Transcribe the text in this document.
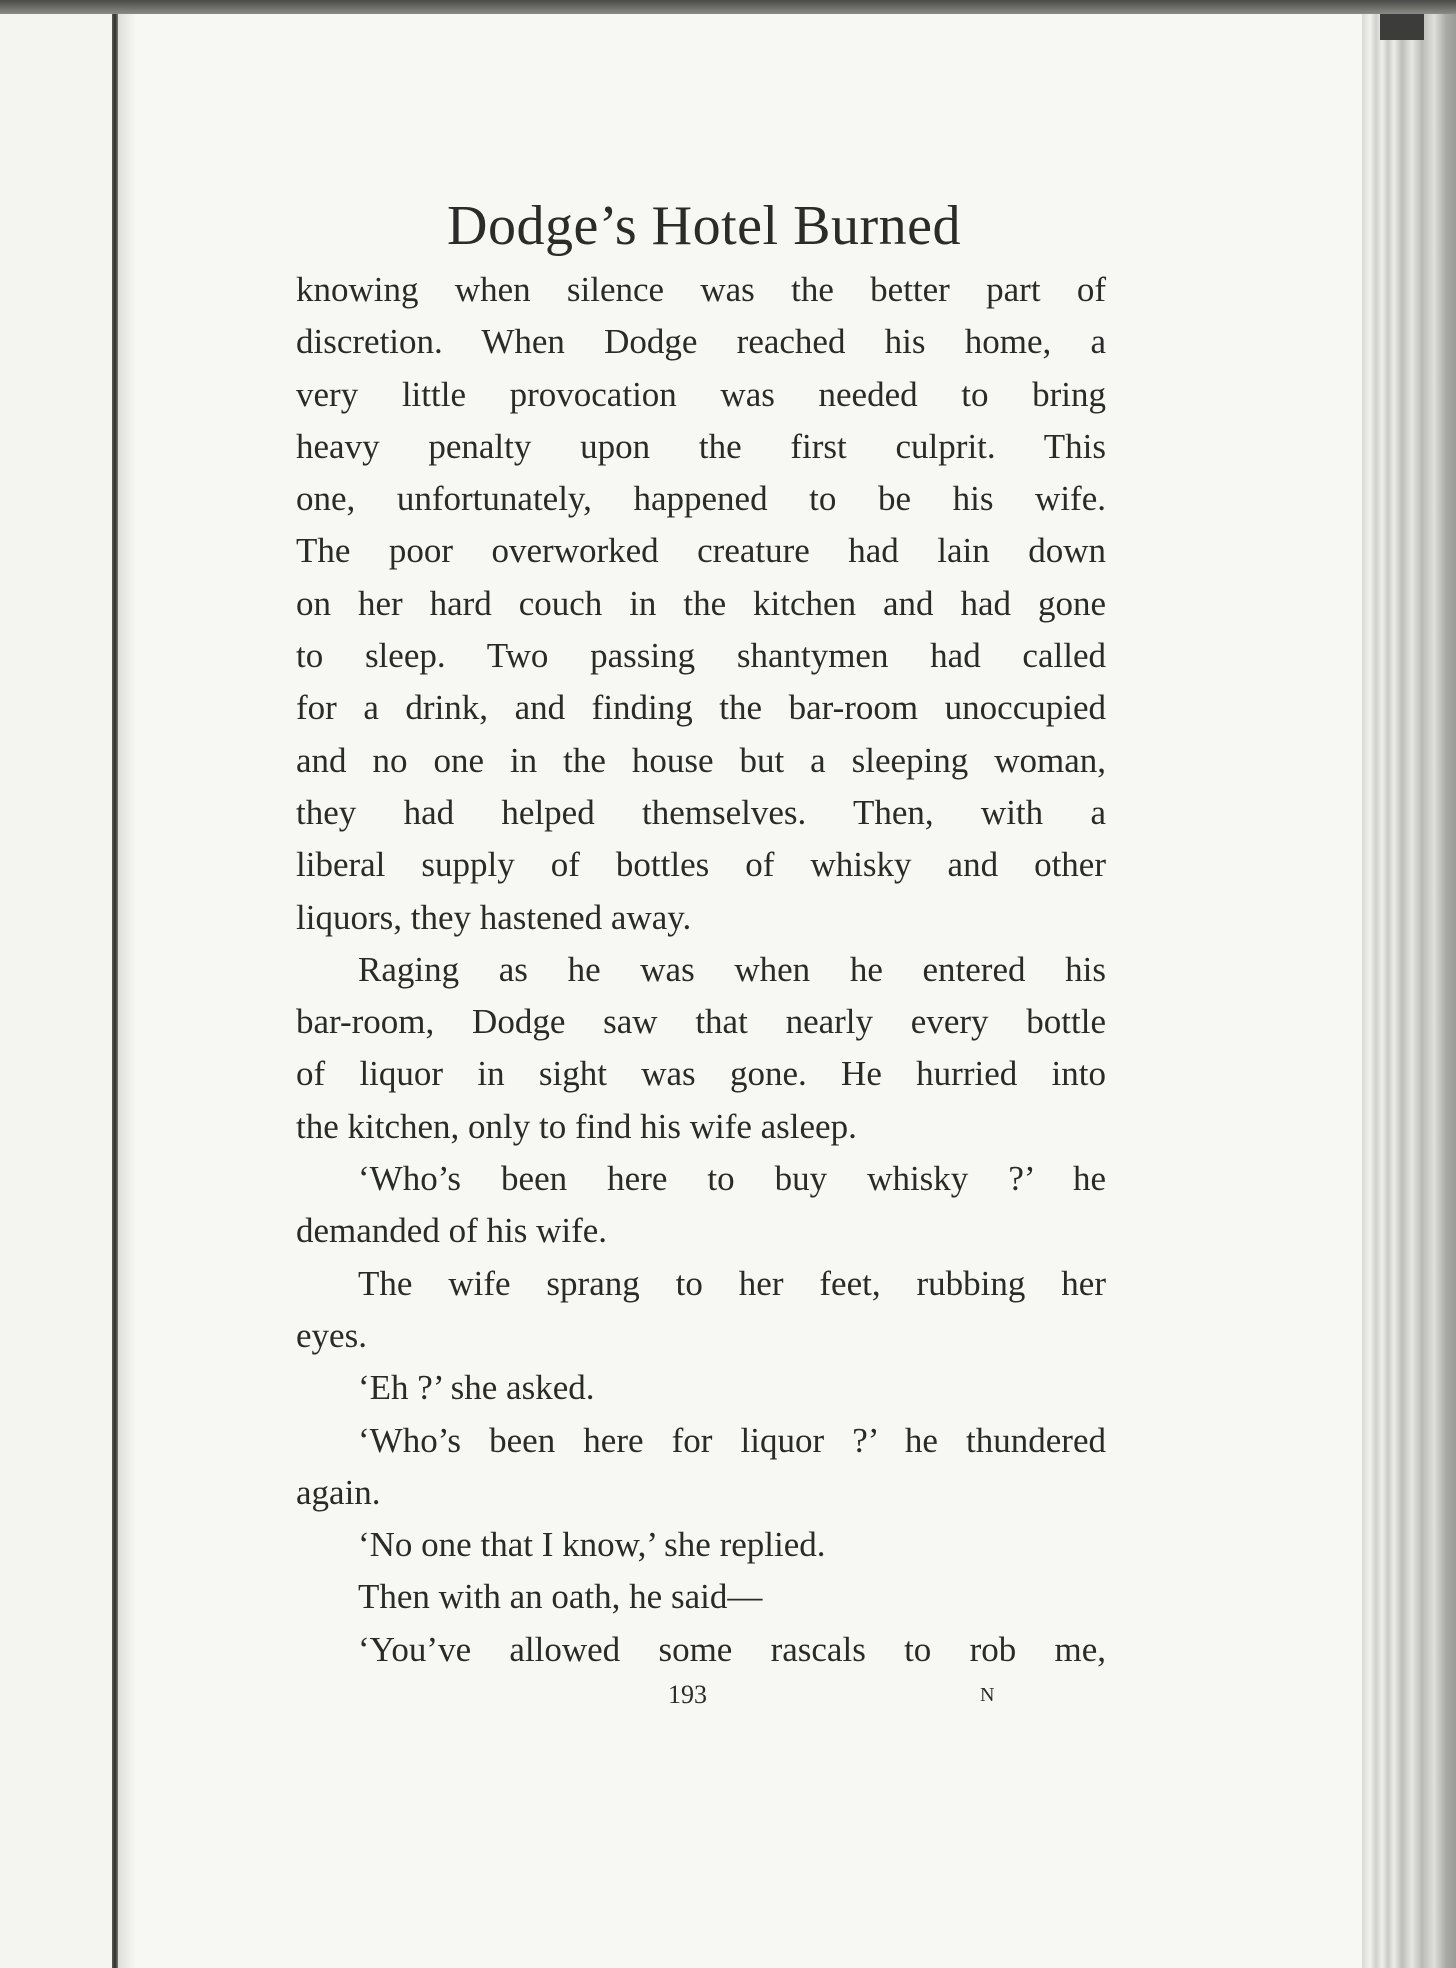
Dodge’s Hotel Burned
knowing when silence was the better part of
discretion. When Dodge reached his home, a
very little provocation was needed to bring
heavy penalty upon the first culprit. This
one, unfortunately, happened to be his wife.
The poor overworked creature had lain down
on her hard couch in the kitchen and had gone
to sleep. Two passing shantymen had called
for a drink, and finding the bar-room unoccupied
and no one in the house but a sleeping woman,
they had helped themselves. Then, with a
liberal supply of bottles of whisky and other
liquors, they hastened away.
Raging as he was when he entered his
bar-room, Dodge saw that nearly every bottle
of liquor in sight was gone. He hurried into
the kitchen, only to find his wife asleep.
‘Who’s been here to buy whisky ?’ he
demanded of his wife.
The wife sprang to her feet, rubbing her
eyes.
‘Eh ?’ she asked.
‘Who’s been here for liquor ?’ he thundered
again.
‘No one that I know,’ she replied.
Then with an oath, he said—
‘You’ve allowed some rascals to rob me,
193	N
